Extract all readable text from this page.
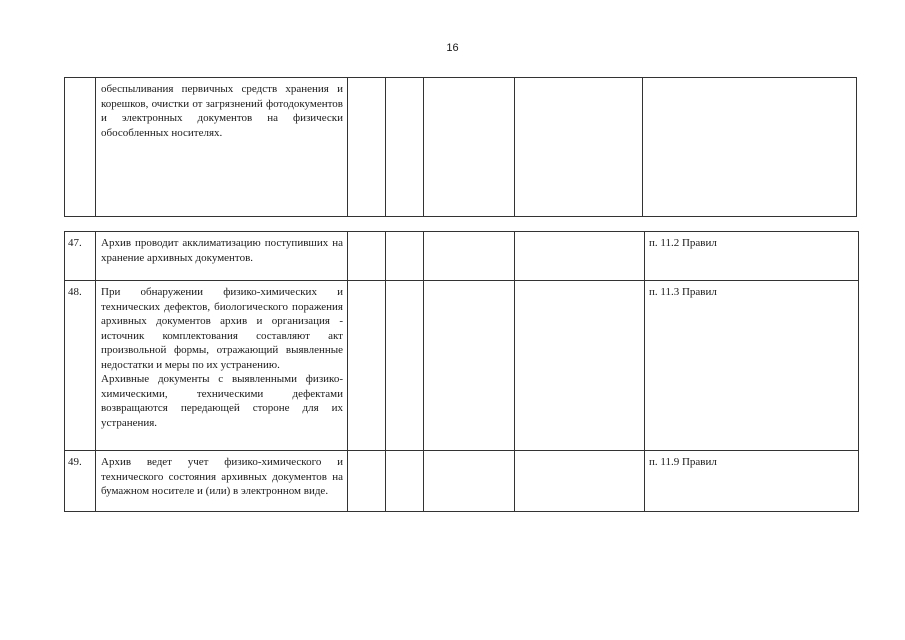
16

обеспыливания первичных средств хранения и корешков, очистки от загрязнений фотодокументов и электронных документов на физически обособленных носителях.

47.	Архив проводит акклиматизацию поступивших на хранение архивных документов.					п. 11.2 Правил
48.	При обнаружении физико-химических и технических дефектов, биологического поражения архивных документов архив и организация - источник комплектования составляют акт произвольной формы, отражающий выявленные недостатки и меры по их устранению.

Архивные документы с выявленными физико-химическими, техническими дефектами возвращаются передающей стороне для их устранения.					п. 11.3 Правил
49.	Архив ведет учет физико-химического и технического состояния архивных документов на бумажном носителе и (или) в электронном виде.					п. 11.9 Правил
